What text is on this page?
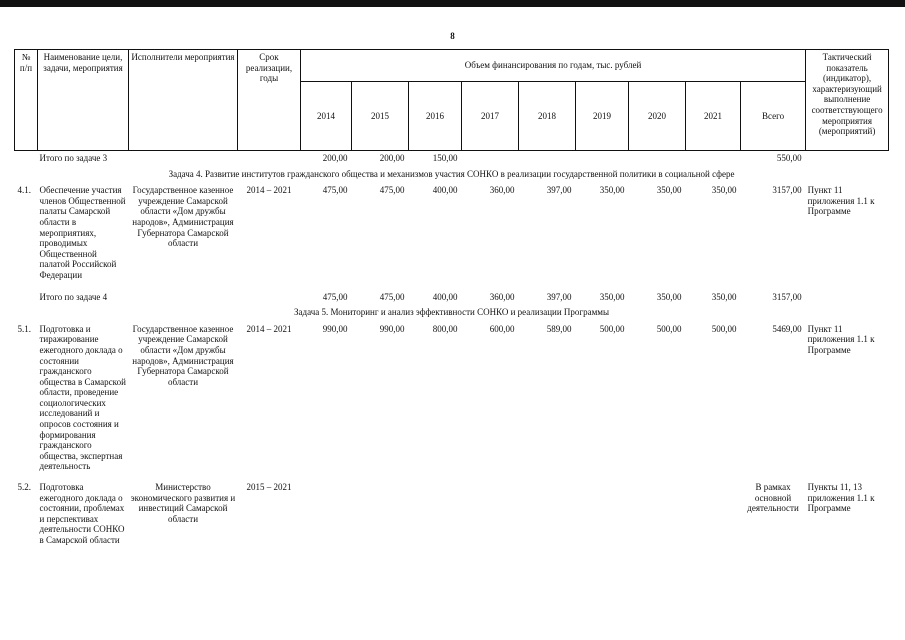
8
№ п/п	Наименование цели, задачи, мероприятия	Исполнители мероприятия	Срок реализации, годы	Объем финансирования по годам, тыс. рублей									Тактический показатель (индикатор), характеризующий выполнение соответствующего мероприятия (мероприятий)
				2014	2015	2016	2017	2018	2019	2020	2021	Всего	
	Итого по задаче 3			200,00	200,00	150,00						550,00	
Задача 4. Развитие институтов гражданского общества и механизмов участия СОНКО в реализации государственной политики в социальной сфере													
4.1.	Обеспечение участия членов Общественной палаты Самарской области в мероприятиях, проводимых Общественной палатой Российской Федерации	Государственное казенное учреждение Самарской области «Дом дружбы народов», Администрация Губернатора Самарской области	2014 – 2021	475,00	475,00	400,00	360,00	397,00	350,00	350,00	350,00	3157,00	Пункт 11 приложения 1.1 к Программе

	Итого по задаче 4			475,00	475,00	400,00	360,00	397,00	350,00	350,00	350,00	3157,00	
Задача 5. Мониторинг и анализ эффективности СОНКО и реализации Программы													
5.1.	Подготовка и тиражирование ежегодного доклада о состоянии гражданского общества в Самарской области, проведение социологических исследований и опросов состояния и формирования гражданского общества, экспертная деятельность	Государственное казенное учреждение Самарской области «Дом дружбы народов», Администрация Губернатора Самарской области	2014 – 2021	990,00	990,00	800,00	600,00	589,00	500,00	500,00	500,00	5469,00	Пункт 11 приложения 1.1 к Программе

5.2.	Подготовка ежегодного доклада о состоянии, проблемах и перспективах деятельности СОНКО в Самарской области	Министерство экономического развития и инвестиций Самарской области	2015 – 2021									В рамках основной деятельности	Пункты 11, 13 приложения 1.1 к Программе
